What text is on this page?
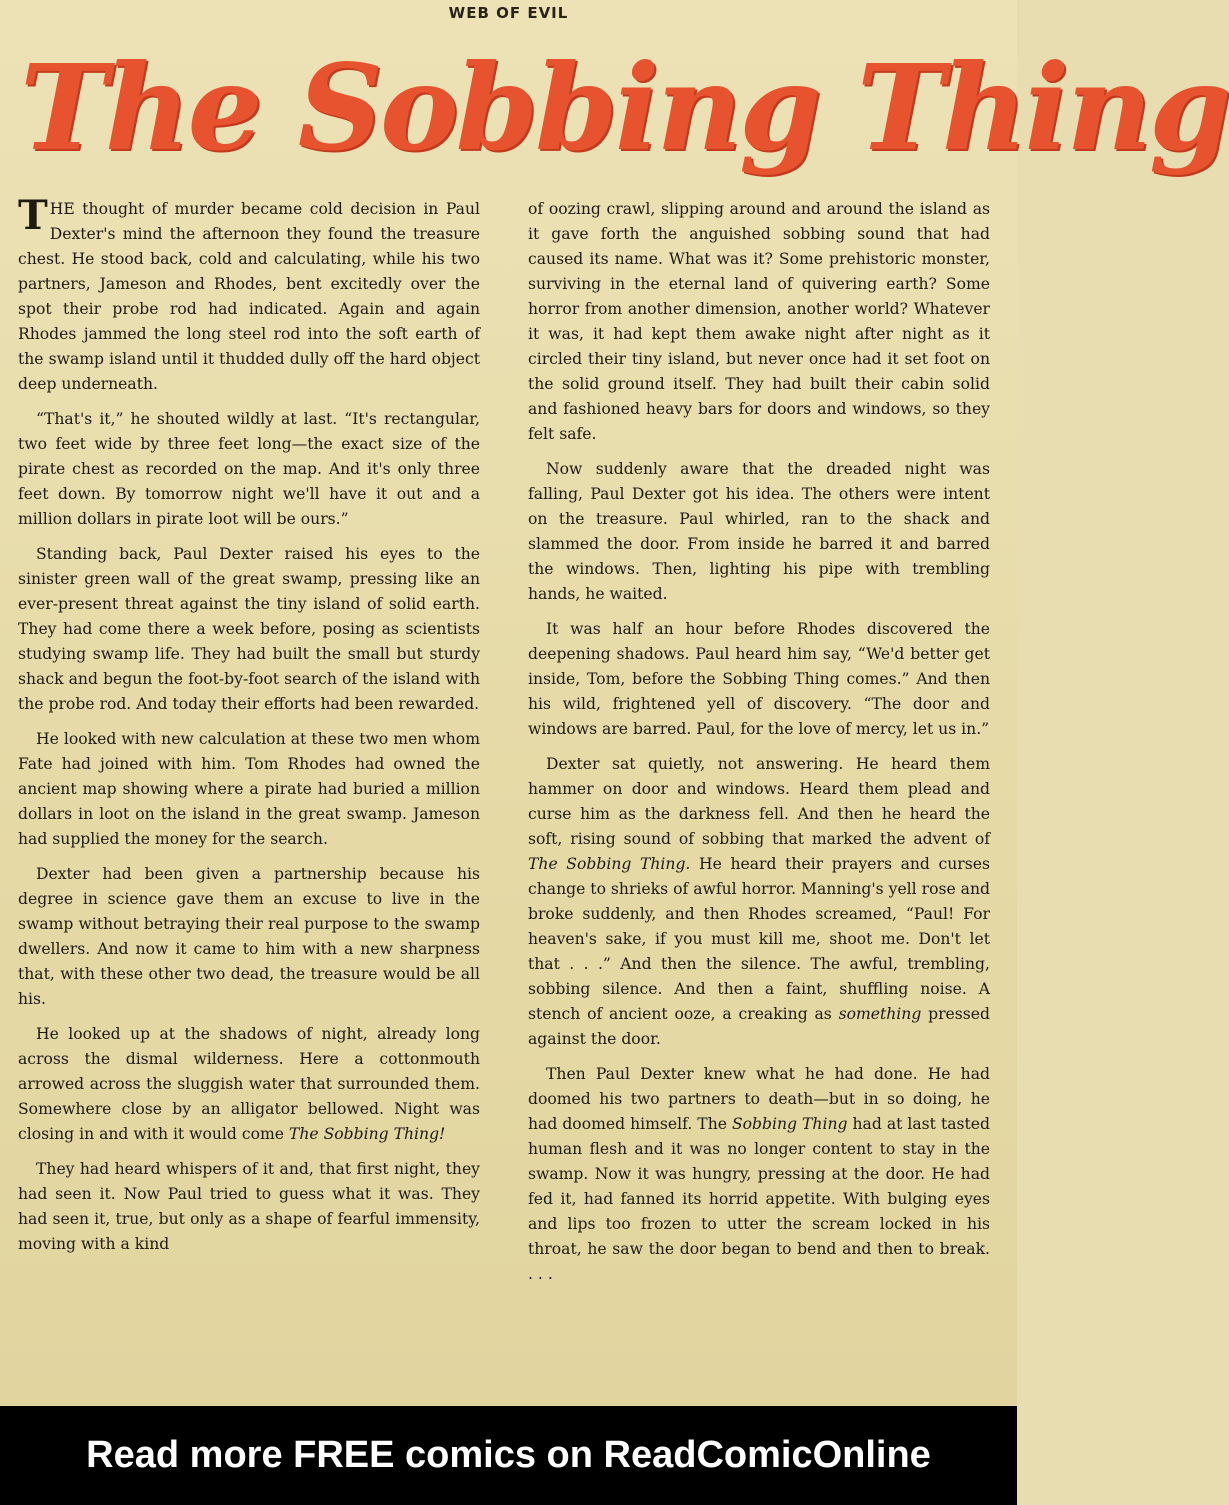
WEB OF EVIL
The Sobbing Thing

THE thought of murder became cold decision in Paul Dexter's mind the afternoon they found the treasure chest. He stood back, cold and calculating, while his two partners, Jameson and Rhodes, bent excitedly over the spot their probe rod had indicated. Again and again Rhodes jammed the long steel rod into the soft earth of the swamp island until it thudded dully off the hard object deep underneath.

“That's it,” he shouted wildly at last. “It's rectangular, two feet wide by three feet long—the exact size of the pirate chest as recorded on the map. And it's only three feet down. By tomorrow night we'll have it out and a million dollars in pirate loot will be ours.”

Standing back, Paul Dexter raised his eyes to the sinister green wall of the great swamp, pressing like an ever-present threat against the tiny island of solid earth. They had come there a week before, posing as scientists studying swamp life. They had built the small but sturdy shack and begun the foot-by-foot search of the island with the probe rod. And today their efforts had been rewarded.

He looked with new calculation at these two men whom Fate had joined with him. Tom Rhodes had owned the ancient map showing where a pirate had buried a million dollars in loot on the island in the great swamp. Jameson had supplied the money for the search.

Dexter had been given a partnership because his degree in science gave them an excuse to live in the swamp without betraying their real purpose to the swamp dwellers. And now it came to him with a new sharpness that, with these other two dead, the treasure would be all his.

He looked up at the shadows of night, already long across the dismal wilderness. Here a cottonmouth arrowed across the sluggish water that surrounded them. Somewhere close by an alligator bellowed. Night was closing in and with it would come The Sobbing Thing!

They had heard whispers of it and, that first night, they had seen it. Now Paul tried to guess what it was. They had seen it, true, but only as a shape of fearful immensity, moving with a kind

of oozing crawl, slipping around and around the island as it gave forth the anguished sobbing sound that had caused its name. What was it? Some prehistoric monster, surviving in the eternal land of quivering earth? Some horror from another dimension, another world? Whatever it was, it had kept them awake night after night as it circled their tiny island, but never once had it set foot on the solid ground itself. They had built their cabin solid and fashioned heavy bars for doors and windows, so they felt safe.

Now suddenly aware that the dreaded night was falling, Paul Dexter got his idea. The others were intent on the treasure. Paul whirled, ran to the shack and slammed the door. From inside he barred it and barred the windows. Then, lighting his pipe with trembling hands, he waited.

It was half an hour before Rhodes discovered the deepening shadows. Paul heard him say, “We'd better get inside, Tom, before the Sobbing Thing comes.” And then his wild, frightened yell of discovery. “The door and windows are barred. Paul, for the love of mercy, let us in.”

Dexter sat quietly, not answering. He heard them hammer on door and windows. Heard them plead and curse him as the darkness fell. And then he heard the soft, rising sound of sobbing that marked the advent of The Sobbing Thing. He heard their prayers and curses change to shrieks of awful horror. Manning's yell rose and broke suddenly, and then Rhodes screamed, “Paul! For heaven's sake, if you must kill me, shoot me. Don't let that . . .” And then the silence. The awful, trembling, sobbing silence. And then a faint, shuffling noise. A stench of ancient ooze, a creaking as something pressed against the door.

Then Paul Dexter knew what he had done. He had doomed his two partners to death—but in so doing, he had doomed himself. The Sobbing Thing had at last tasted human flesh and it was no longer content to stay in the swamp. Now it was hungry, pressing at the door. He had fed it, had fanned its horrid appetite. With bulging eyes and lips too frozen to utter the scream locked in his throat, he saw the door began to bend and then to break. . . .

Read more FREE comics on ReadComicOnline
